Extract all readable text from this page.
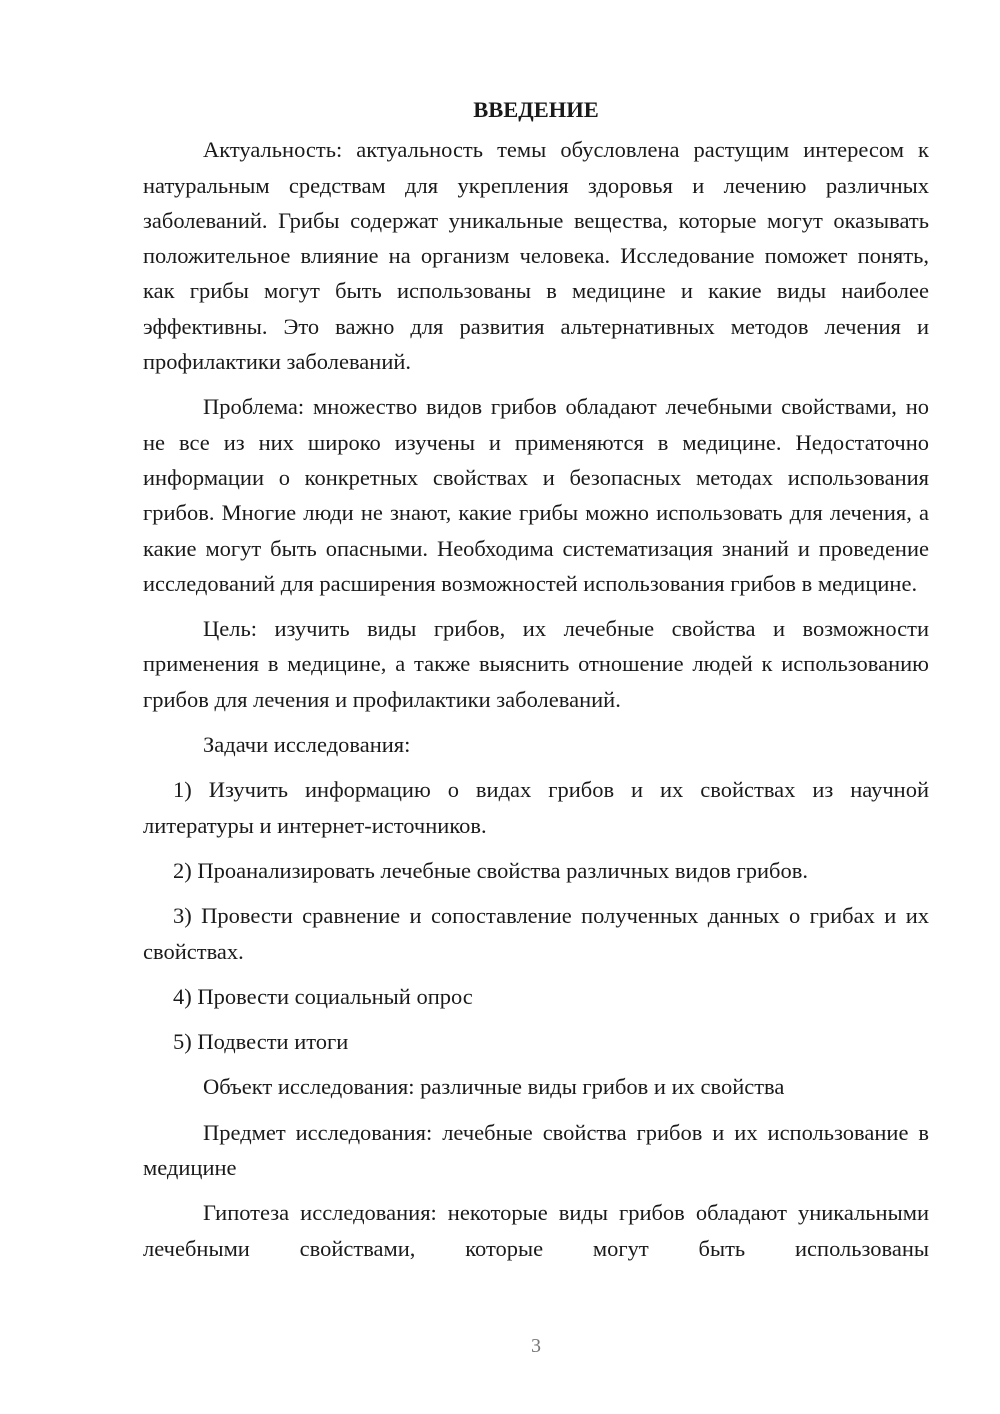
ВВЕДЕНИЕ

Актуальность: актуальность темы обусловлена растущим интересом к натуральным средствам для укрепления здоровья и лечению различных заболеваний. Грибы содержат уникальные вещества, которые могут оказывать положительное влияние на организм человека. Исследование поможет понять, как грибы могут быть использованы в медицине и какие виды наиболее эффективны. Это важно для развития альтернативных методов лечения и профилактики заболеваний.

Проблема: множество видов грибов обладают лечебными свойствами, но не все из них широко изучены и применяются в медицине. Недостаточно информации о конкретных свойствах и безопасных методах использования грибов. Многие люди не знают, какие грибы можно использовать для лечения, а какие могут быть опасными. Необходима систематизация знаний и проведение исследований для расширения возможностей использования грибов в медицине.

Цель: изучить виды грибов, их лечебные свойства и возможности применения в медицине, а также выяснить отношение людей к использованию грибов для лечения и профилактики заболеваний.

Задачи исследования:

1) Изучить информацию о видах грибов и их свойствах из научной литературы и интернет-источников.

2) Проанализировать лечебные свойства различных видов грибов.

3) Провести сравнение и сопоставление полученных данных о грибах и их свойствах.

4) Провести социальный опрос

5) Подвести итоги

Объект исследования: различные виды грибов и их свойства

Предмет исследования: лечебные свойства грибов и их использование в медицине

Гипотеза исследования: некоторые виды грибов обладают уникальными лечебными свойствами, которые могут быть использованы

3
